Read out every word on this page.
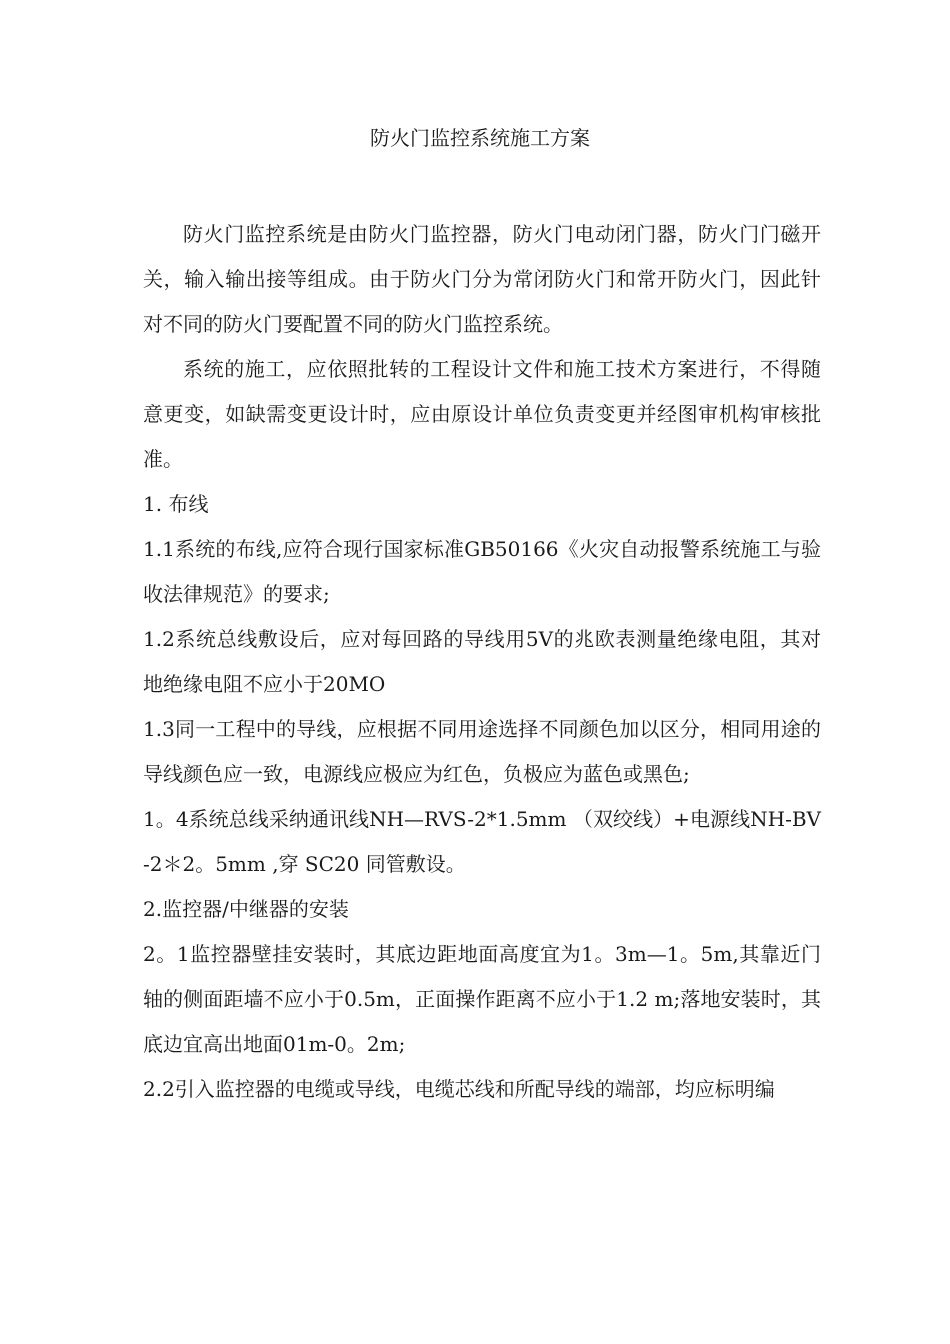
防火门监控系统施工方案

防火门监控系统是由防火门监控器，防火门电动闭门器，防火门门磁开关，输入输出接等组成。由于防火门分为常闭防火门和常开防火门，因此针对不同的防火门要配置不同的防火门监控系统。

系统的施工，应依照批转的工程设计文件和施工技术方案进行，不得随意更变，如缺需变更设计时，应由原设计单位负责变更并经图审机构审核批准。

1. 布线

1.1系统的布线,应符合现行国家标准GB50166《火灾自动报警系统施工与验收法律规范》的要求;

1.2系统总线敷设后，应对每回路的导线用5V的兆欧表测量绝缘电阻，其对地绝缘电阻不应小于20MO

1.3同一工程中的导线，应根据不同用途选择不同颜色加以区分，相同用途的导线颜色应一致，电源线应极应为红色，负极应为蓝色或黑色;

1。4系统总线采纳通讯线NH—RVS-2*1.5mm （双绞线）+电源线NH-BV-2＊2。5mm ,穿 SC20 同管敷设。

2.监控器/中继器的安装

2。1监控器壁挂安装时，其底边距地面高度宜为1。3m—1。5m,其靠近门轴的侧面距墙不应小于0.5m，正面操作距离不应小于1.2 m;落地安装时，其底边宜高出地面01m-0。2m;

2.2引入监控器的电缆或导线，电缆芯线和所配导线的端部，均应标明编
